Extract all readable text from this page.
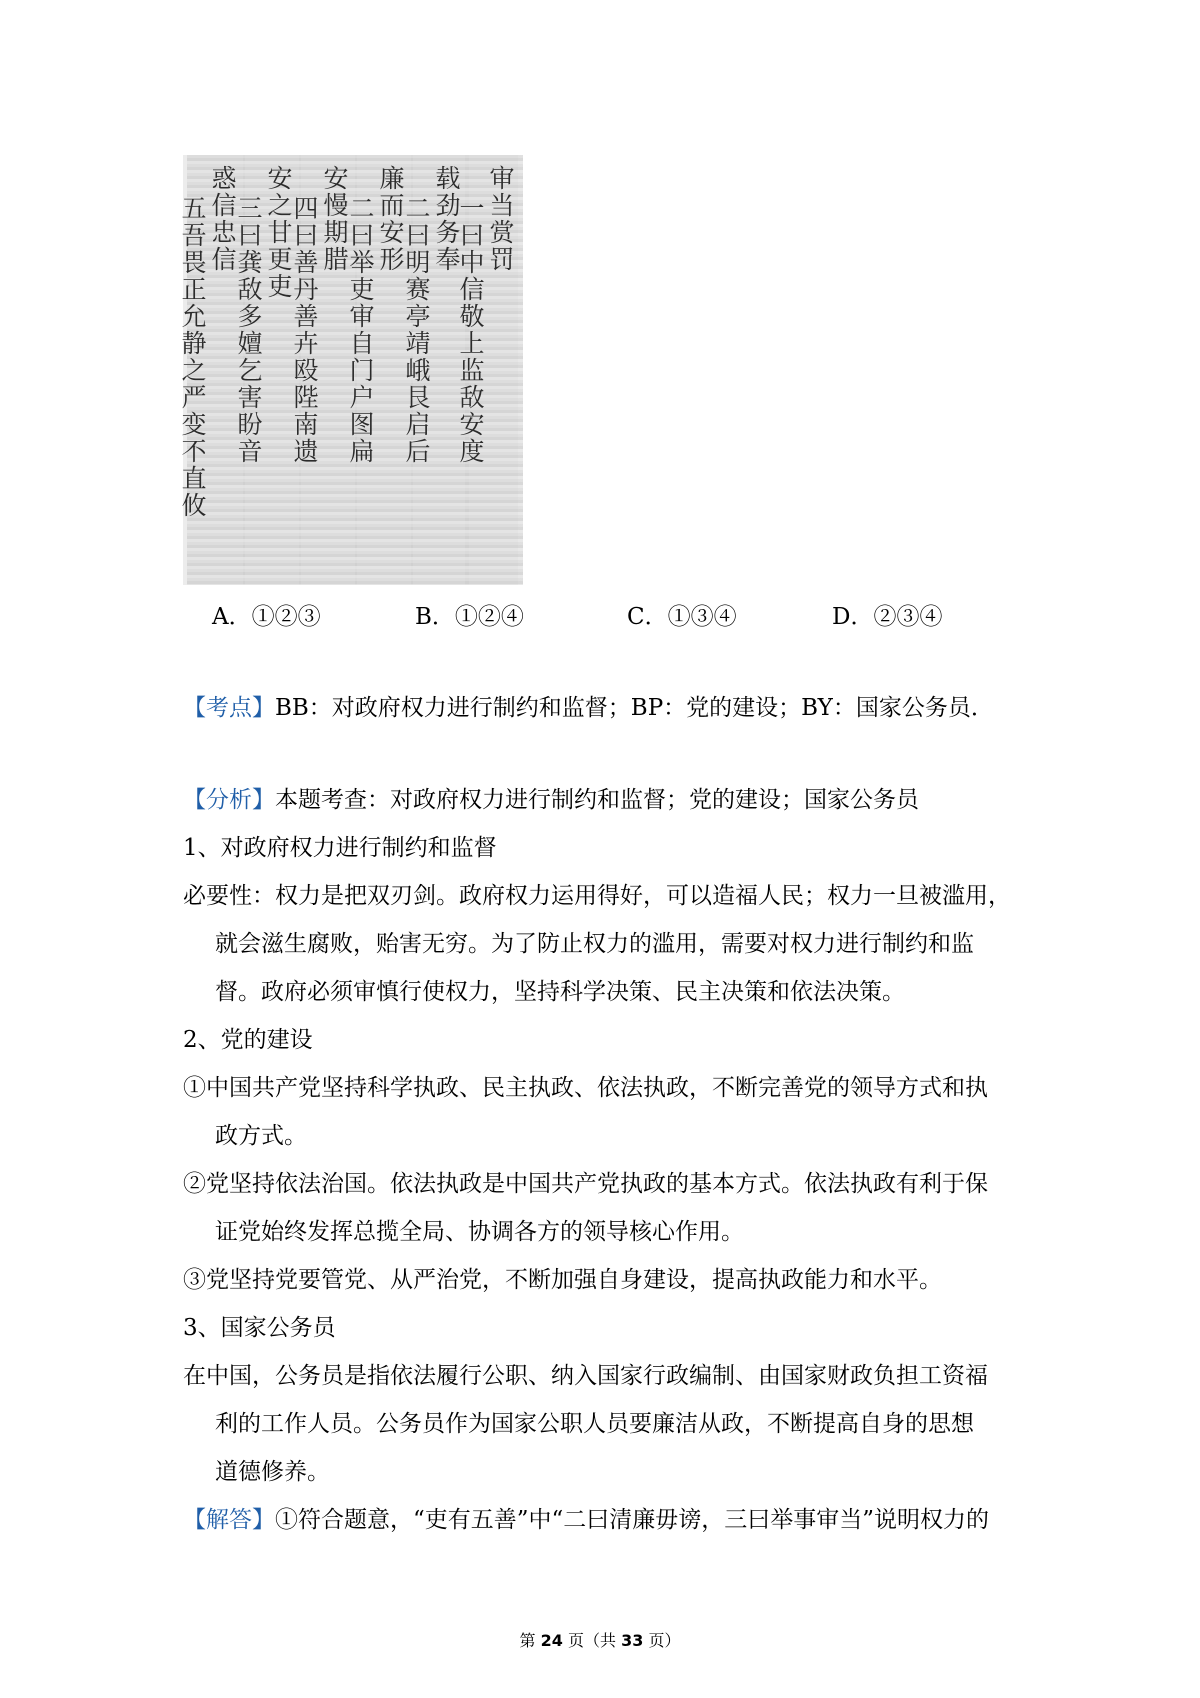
惑信忠信
五吾畏正允静之严变不直攸 安之甘更吏
三曰龚敌多嬗乞害盼音 安慢期腊
四曰善丹善卉殴陛南遗 廉而安形
二曰举吏审自门户图扁 载劲务奉
二曰明赛亭靖峨艮启后 审当赏罚
一曰中信敬上监敌安度
A．①②③	B．①②④	C．①③④	D．②③④
【考点】BB：对政府权力进行制约和监督；BP：党的建设；BY：国家公务员．
【分析】本题考查：对政府权力进行制约和监督；党的建设；国家公务员
1、对政府权力进行制约和监督
必要性：权力是把双刃剑。政府权力运用得好，可以造福人民；权力一旦被滥用，
就会滋生腐败，贻害无穷。为了防止权力的滥用，需要对权力进行制约和监
督。政府必须审慎行使权力，坚持科学决策、民主决策和依法决策。
2、党的建设
①中国共产党坚持科学执政、民主执政、依法执政，不断完善党的领导方式和执
政方式。
②党坚持依法治国。依法执政是中国共产党执政的基本方式。依法执政有利于保
证党始终发挥总揽全局、协调各方的领导核心作用。
③党坚持党要管党、从严治党，不断加强自身建设，提高执政能力和水平。
3、国家公务员
在中国，公务员是指依法履行公职、纳入国家行政编制、由国家财政负担工资福
利的工作人员。公务员作为国家公职人员要廉洁从政，不断提高自身的思想
道德修养。
【解答】①符合题意，“吏有五善”中“二曰清廉毋谤，三曰举事审当”说明权力的
第 24 页（共 33 页）
